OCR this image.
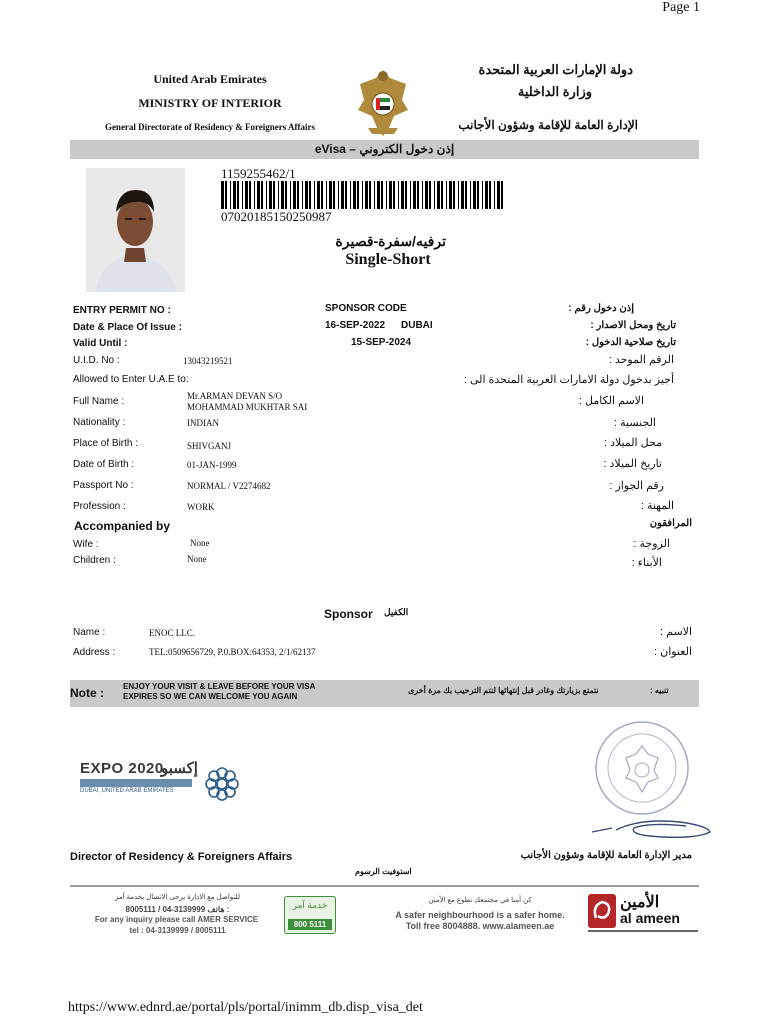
Page 1
United Arab Emirates
MINISTRY OF INTERIOR
General Directorate of Residency & Foreigners Affairs
دولة الإمارات العربية المتحدة
وزارة الداخلية
الإدارة العامة للإقامة وشؤون الأجانب
eVisa – إذن دخول الكتروني
1159255462/1
07020185150250987
ترفيه/سفرة-قصيرة
Single-Short
ENTRY PERMIT NO :	SPONSOR CODE	إذن دخول رقم :
Date & Place Of Issue :	16-SEP-2022 DUBAI	تاريخ ومحل الاصدار :
Valid Until :	15-SEP-2024	تاريخ صلاحية الدخول :
U.I.D. No :	13043219521	الرقم الموحد :
Allowed to Enter U.A.E to:	أجيز بدخول دولة الامارات العربية المتحدة الى :
Full Name :	Mr.ARMAN DEVAN S/O
MOHAMMAD MUKHTAR SAI	الاسم الكامل :
Nationality :	INDIAN	الجنسية :
Place of Birth :	SHIVGANJ	محل الميلاد :
Date of Birth :	01-JAN-1999	تاريخ الميلاد :
Passport No :	NORMAL / V2274682	رقم الجواز :
Profession :	WORK	المهنة :
Accompanied by	المرافقون
Wife :	None	الزوجة :
Children :	None	الأبناء :
Sponsor الكفيل
Name :	ENOC LLC.	الاسم :
Address :	TEL:0509656729, P.0.BOX:64353, 2/1/62137	العنوان :
Note : ENJOY YOUR VISIT & LEAVE BEFORE YOUR VISA
EXPIRES SO WE CAN WELCOME YOU AGAIN
نتمتع بزيارتك وغادر قبل إنتهائها لنتم الترحيب بك مرة أخرى	تنبيه :
EXPO 2020
إكسبو
DUBAI, UNITED ARAB EMIRATES
Director of Residency & Foreigners Affairs	مدير الإدارة العامة للإقامة وشؤون الأجانب
استوفيت الرسوم
للتواصل مع الادارة يرجى الاتصال بخدمة آمر
8005111 / 04-3139999 هاتف :
For any inquiry please call AMER SERVICE
tel : 04-3139999 / 8005111
خدمة آمر
800 5111
كن آمنا في مجتمعك تطوع مع الأمين
A safer neighbourhood is a safer home.
Toll free 8004888. www.alameen.ae
الأمين
al ameen
https://www.ednrd.ae/portal/pls/portal/inimm_db.disp_visa_det
